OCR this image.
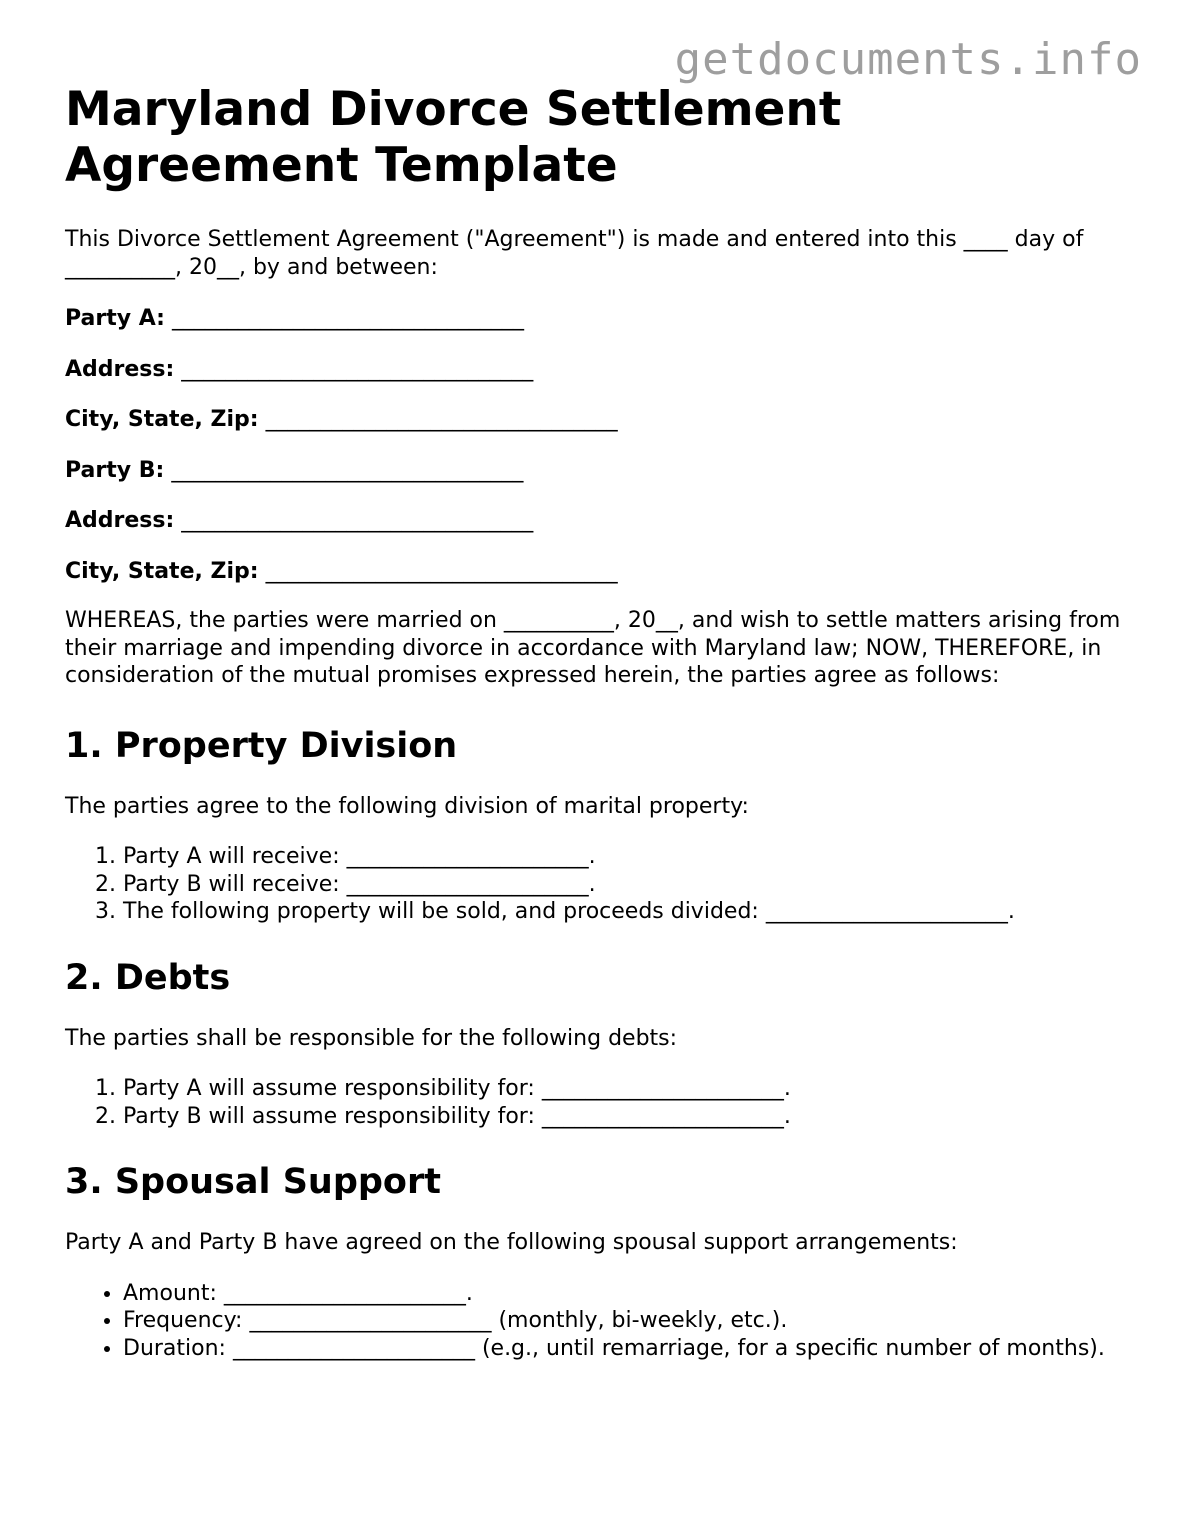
getdocuments.info
Maryland Divorce Settlement Agreement Template

This Divorce Settlement Agreement ("Agreement") is made and entered into this ____ day of __________, 20__, by and between:

Party A: ________________________________
Address: ________________________________
City, State, Zip: ________________________________
Party B: ________________________________
Address: ________________________________
City, State, Zip: ________________________________

WHEREAS, the parties were married on __________, 20__, and wish to settle matters arising from their marriage and impending divorce in accordance with Maryland law; NOW, THEREFORE, in consideration of the mutual promises expressed herein, the parties agree as follows:

1. Property Division

The parties agree to the following division of marital property:

1. Party A will receive: ______________________.
2. Party B will receive: ______________________.
3. The following property will be sold, and proceeds divided: ______________________.
2. Debts

The parties shall be responsible for the following debts:

1. Party A will assume responsibility for: ______________________.
2. Party B will assume responsibility for: ______________________.
3. Spousal Support

Party A and Party B have agreed on the following spousal support arrangements:

• Amount: ______________________.
• Frequency: ______________________ (monthly, bi-weekly, etc.).
• Duration: ______________________ (e.g., until remarriage, for a specific number of months).
